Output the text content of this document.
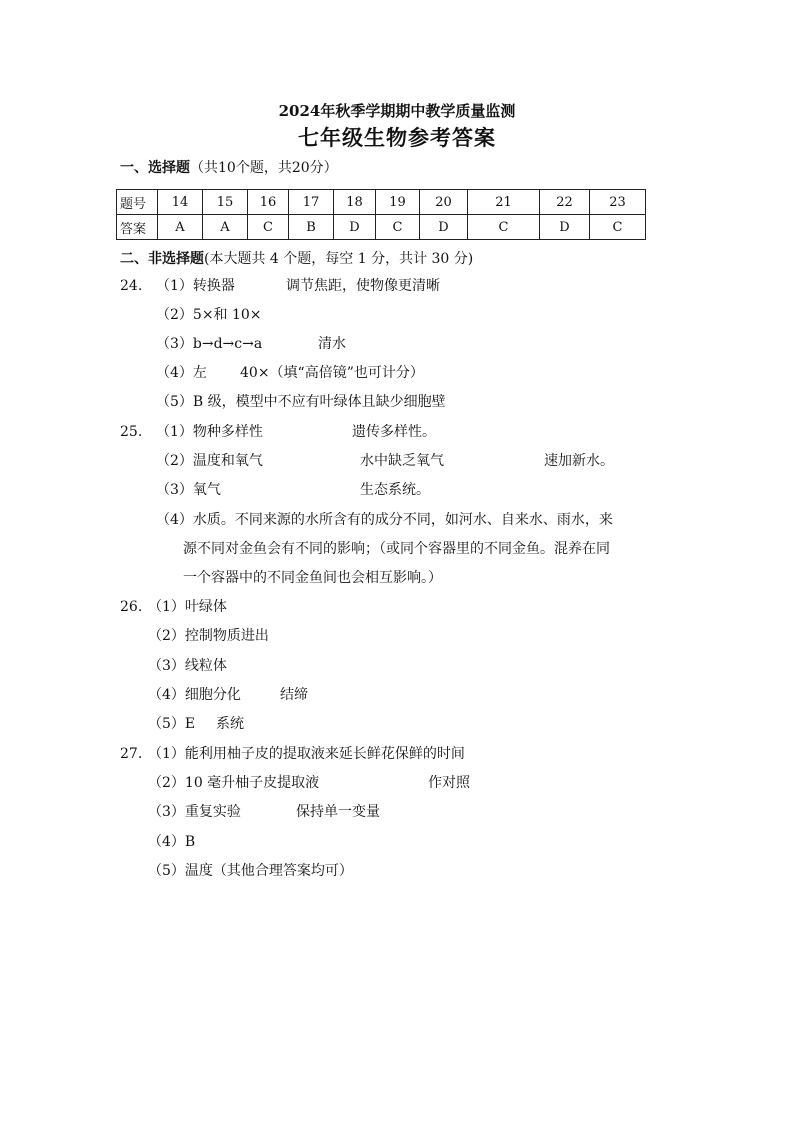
2024年秋季学期期中教学质量监测
七年级生物参考答案
一、选择题（共10个题，共20分）
题号	14	15	16	17	18	19	20	21	22	23
答案	A	A	C	B	D	C	D	C	D	C
二、非选择题(本大题共 4 个题，每空 1 分，共计 30 分)
24. （1）转换器	调节焦距，使物像更清晰
（2）5×和 10×
（3）b→d→c→a	清水
（4）左 40×（填“高倍镜”也可计分）
（5）B 级，模型中不应有叶绿体且缺少细胞壁
25. （1）物种多样性	遗传多样性。
（2）温度和氧气	水中缺乏氧气	速加新水。
（3）氧气	生态系统。
（4）水质。不同来源的水所含有的成分不同，如河水、自来水、雨水，来
源不同对金鱼会有不同的影响；（或同个容器里的不同金鱼。混养在同
一个容器中的不同金鱼间也会相互影响。）
26. （1）叶绿体
（2）控制物质进出
（3）线粒体
（4）细胞分化	结缔
（5）E 系统
27. （1）能利用柚子皮的提取液来延长鲜花保鲜的时间
（2）10 毫升柚子皮提取液	作对照
（3）重复实验	保持单一变量
（4）B
（5）温度（其他合理答案均可）
